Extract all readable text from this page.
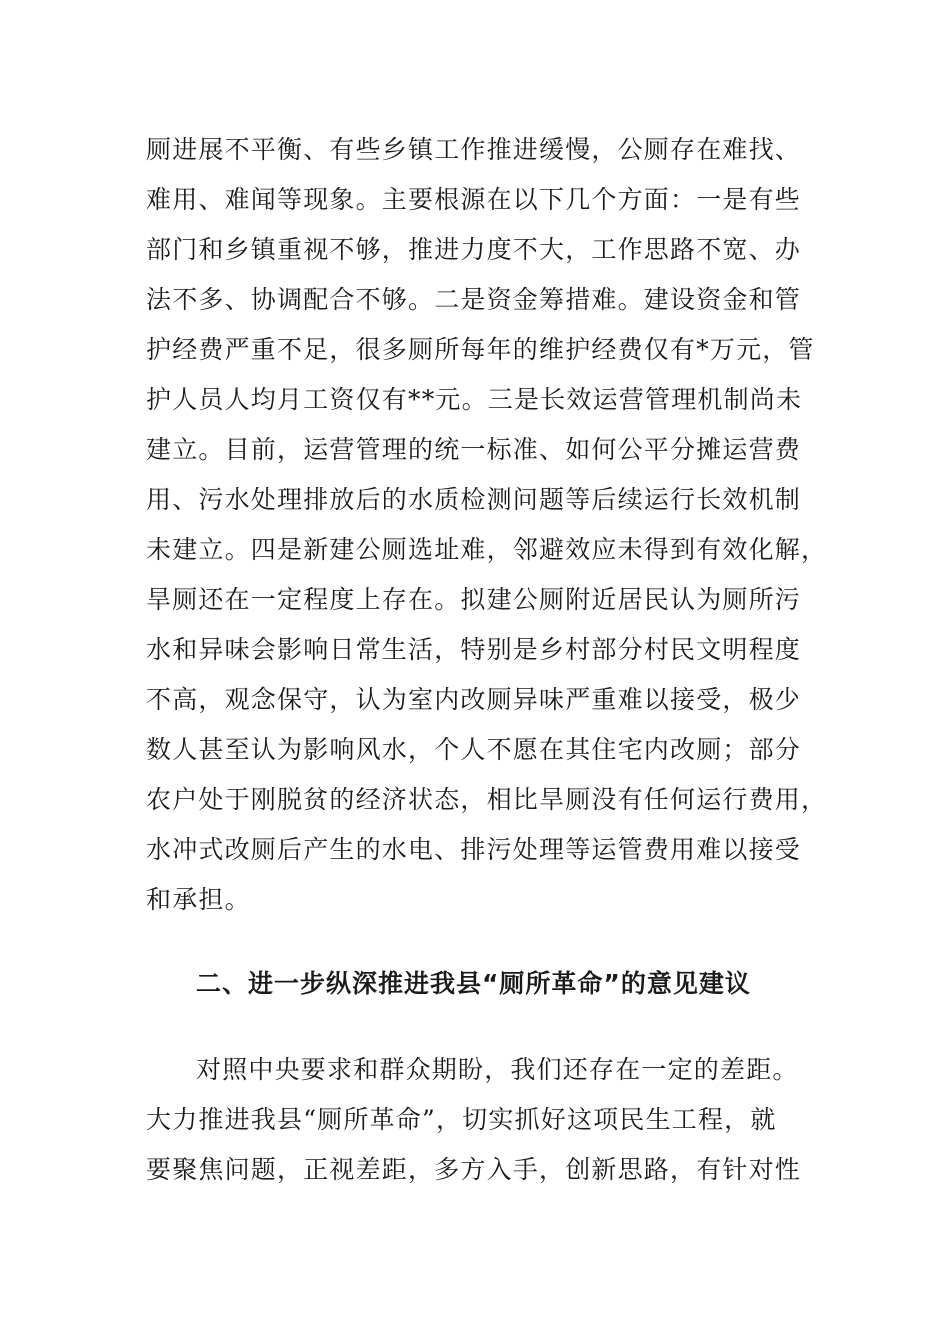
厕进展不平衡、有些乡镇工作推进缓慢，公厕存在难找、
难用、难闻等现象。主要根源在以下几个方面：一是有些
部门和乡镇重视不够，推进力度不大，工作思路不宽、办
法不多、协调配合不够。二是资金筹措难。建设资金和管
护经费严重不足，很多厕所每年的维护经费仅有*万元，管
护人员人均月工资仅有**元。三是长效运营管理机制尚未
建立。目前，运营管理的统一标准、如何公平分摊运营费
用、污水处理排放后的水质检测问题等后续运行长效机制
未建立。四是新建公厕选址难，邻避效应未得到有效化解，
旱厕还在一定程度上存在。拟建公厕附近居民认为厕所污
水和异味会影响日常生活，特别是乡村部分村民文明程度
不高，观念保守，认为室内改厕异味严重难以接受，极少
数人甚至认为影响风水，个人不愿在其住宅内改厕；部分
农户处于刚脱贫的经济状态，相比旱厕没有任何运行费用，
水冲式改厕后产生的水电、排污处理等运管费用难以接受
和承担。
二、进一步纵深推进我县“厕所革命”的意见建议
对照中央要求和群众期盼，我们还存在一定的差距。
大力推进我县“厕所革命”，切实抓好这项民生工程，就
要聚焦问题，正视差距，多方入手，创新思路，有针对性
